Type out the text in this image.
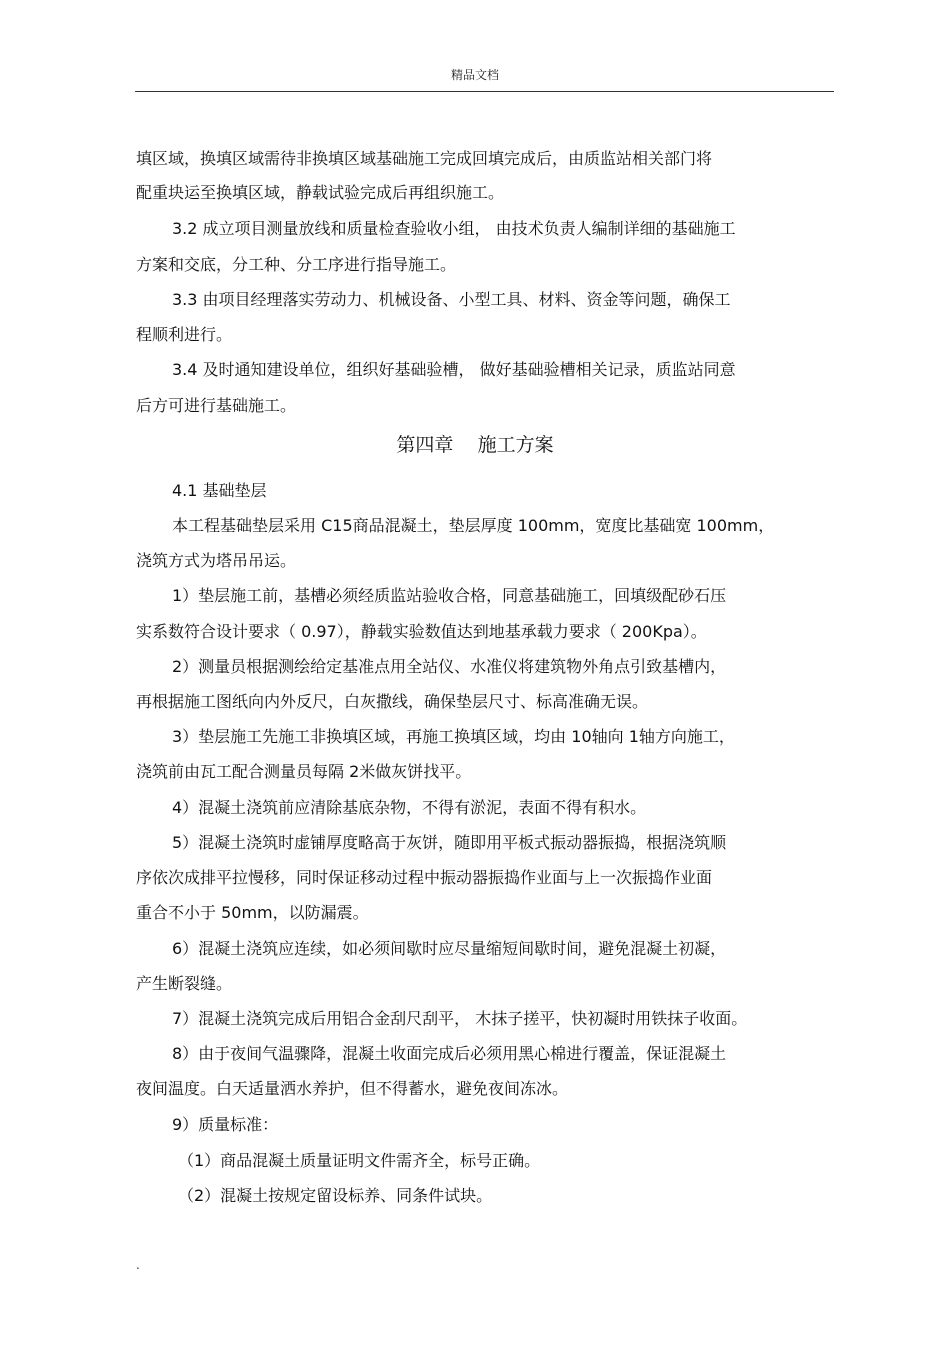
精品文档
填区域，换填区域需待非换填区域基础施工完成回填完成后，由质监站相关部门将
配重块运至换填区域，静载试验完成后再组织施工。
3.2 成立项目测量放线和质量检查验收小组， 由技术负责人编制详细的基础施工
方案和交底，分工种、分工序进行指导施工。
3.3 由项目经理落实劳动力、机械设备、小型工具、材料、资金等问题，确保工
程顺利进行。
3.4 及时通知建设单位，组织好基础验槽， 做好基础验槽相关记录，质监站同意
后方可进行基础施工。
第四章    施工方案
4.1 基础垫层
本工程基础垫层采用 C15商品混凝土，垫层厚度 100mm，宽度比基础宽 100mm，
浇筑方式为塔吊吊运。
1）垫层施工前，基槽必须经质监站验收合格，同意基础施工，回填级配砂石压
实系数符合设计要求（ 0.97），静载实验数值达到地基承载力要求（ 200Kpa）。
2）测量员根据测绘给定基准点用全站仪、水准仪将建筑物外角点引致基槽内，
再根据施工图纸向内外反尺，白灰撒线，确保垫层尺寸、标高准确无误。
3）垫层施工先施工非换填区域，再施工换填区域，均由 10轴向 1轴方向施工，
浇筑前由瓦工配合测量员每隔 2米做灰饼找平。
4）混凝土浇筑前应清除基底杂物，不得有淤泥，表面不得有积水。
5）混凝土浇筑时虚铺厚度略高于灰饼，随即用平板式振动器振捣，根据浇筑顺
序依次成排平拉慢移，同时保证移动过程中振动器振捣作业面与上一次振捣作业面
重合不小于 50mm，以防漏震。
6）混凝土浇筑应连续，如必须间歇时应尽量缩短间歇时间，避免混凝土初凝，
产生断裂缝。
7）混凝土浇筑完成后用铝合金刮尺刮平， 木抹子搓平，快初凝时用铁抹子收面。
8）由于夜间气温骤降，混凝土收面完成后必须用黑心棉进行覆盖，保证混凝土
夜间温度。白天适量洒水养护，但不得蓄水，避免夜间冻冰。
9）质量标准：
（1）商品混凝土质量证明文件需齐全，标号正确。
（2）混凝土按规定留设标养、同条件试块。
.
